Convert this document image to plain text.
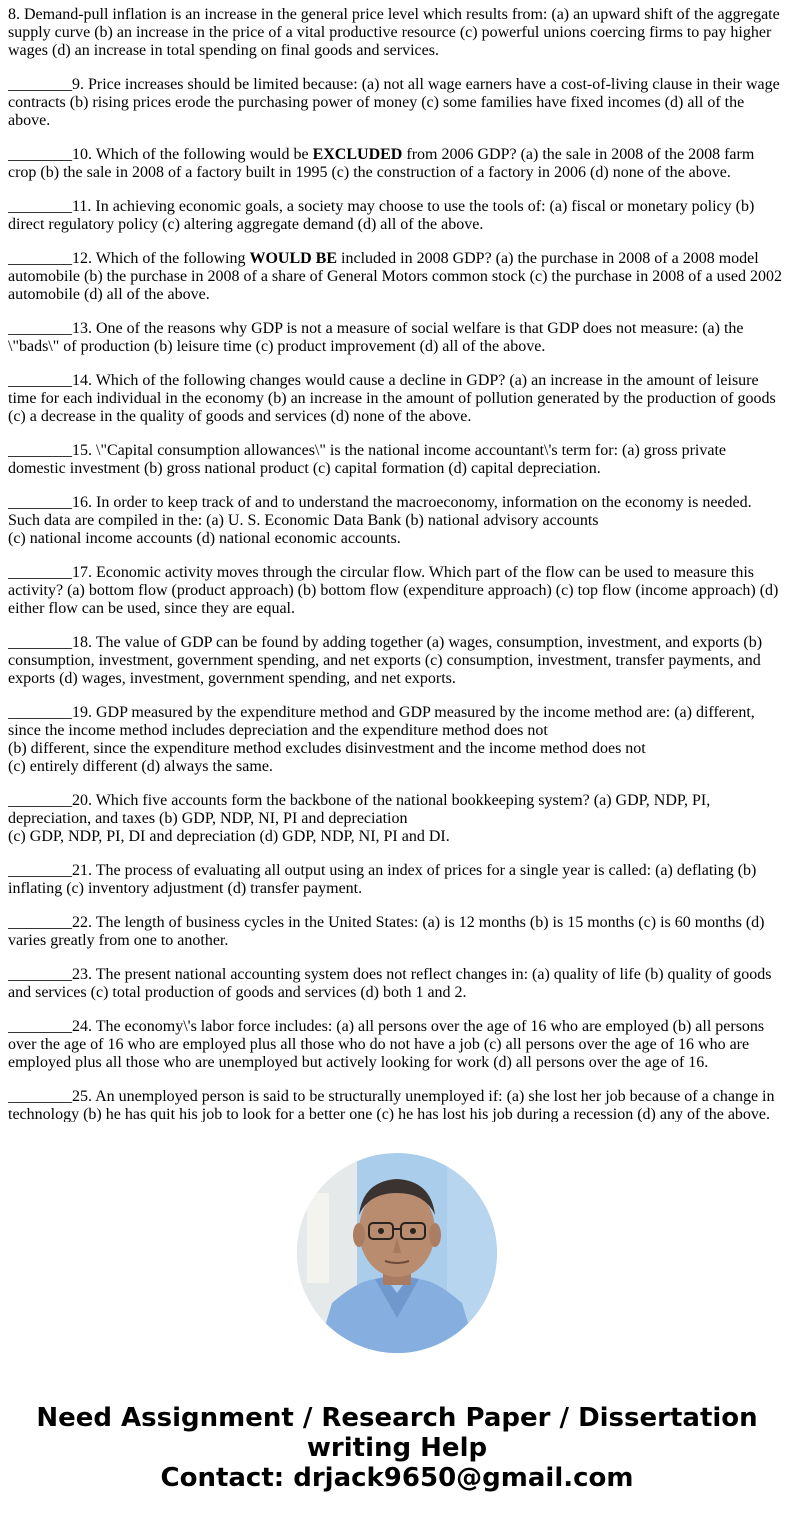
8. Demand-pull inflation is an increase in the general price level which results from: (a) an upward shift of the aggregate supply curve (b) an increase in the price of a vital productive resource (c) powerful unions coercing firms to pay higher wages (d) an increase in total spending on final goods and services.

________9. Price increases should be limited because: (a) not all wage earners have a cost-of-living clause in their wage contracts (b) rising prices erode the purchasing power of money (c) some families have fixed incomes (d) all of the above.

________10. Which of the following would be EXCLUDED from 2006 GDP? (a) the sale in 2008 of the 2008 farm crop (b) the sale in 2008 of a factory built in 1995 (c) the construction of a factory in 2006 (d) none of the above.

________11. In achieving economic goals, a society may choose to use the tools of: (a) fiscal or monetary policy (b) direct regulatory policy (c) altering aggregate demand (d) all of the above.

________12. Which of the following WOULD BE included in 2008 GDP? (a) the purchase in 2008 of a 2008 model automobile (b) the purchase in 2008 of a share of General Motors common stock (c) the purchase in 2008 of a used 2002 automobile (d) all of the above.

________13. One of the reasons why GDP is not a measure of social welfare is that GDP does not measure: (a) the \"bads\" of production (b) leisure time (c) product improvement (d) all of the above.

________14. Which of the following changes would cause a decline in GDP? (a) an increase in the amount of leisure time for each individual in the economy (b) an increase in the amount of pollution generated by the production of goods (c) a decrease in the quality of goods and services (d) none of the above.

________15. \"Capital consumption allowances\" is the national income accountant\'s term for: (a) gross private domestic investment (b) gross national product (c) capital formation (d) capital depreciation.

________16. In order to keep track of and to understand the macroeconomy, information on the economy is needed. Such data are compiled in the: (a) U. S. Economic Data Bank (b) national advisory accounts
(c) national income accounts (d) national economic accounts.

________17. Economic activity moves through the circular flow. Which part of the flow can be used to measure this activity? (a) bottom flow (product approach) (b) bottom flow (expenditure approach) (c) top flow (income approach) (d) either flow can be used, since they are equal.

________18. The value of GDP can be found by adding together (a) wages, consumption, investment, and exports (b) consumption, investment, government spending, and net exports (c) consumption, investment, transfer payments, and exports (d) wages, investment, government spending, and net exports.

________19. GDP measured by the expenditure method and GDP measured by the income method are: (a) different, since the income method includes depreciation and the expenditure method does not
(b) different, since the expenditure method excludes disinvestment and the income method does not
(c) entirely different (d) always the same.

________20. Which five accounts form the backbone of the national bookkeeping system? (a) GDP, NDP, PI, depreciation, and taxes (b) GDP, NDP, NI, PI and depreciation
(c) GDP, NDP, PI, DI and depreciation (d) GDP, NDP, NI, PI and DI.

________21. The process of evaluating all output using an index of prices for a single year is called: (a) deflating (b) inflating (c) inventory adjustment (d) transfer payment.

________22. The length of business cycles in the United States: (a) is 12 months (b) is 15 months (c) is 60 months (d) varies greatly from one to another.

________23. The present national accounting system does not reflect changes in: (a) quality of life (b) quality of goods and services (c) total production of goods and services (d) both 1 and 2.

________24. The economy\'s labor force includes: (a) all persons over the age of 16 who are employed (b) all persons over the age of 16 who are employed plus all those who do not have a job (c) all persons over the age of 16 who are employed plus all those who are unemployed but actively looking for work (d) all persons over the age of 16.

________25. An unemployed person is said to be structurally unemployed if: (a) she lost her job because of a change in technology (b) he has quit his job to look for a better one (c) he has lost his job during a recession (d) any of the above.

Need Assignment / Research Paper / Dissertation
writing Help
Contact: drjack9650@gmail.com
